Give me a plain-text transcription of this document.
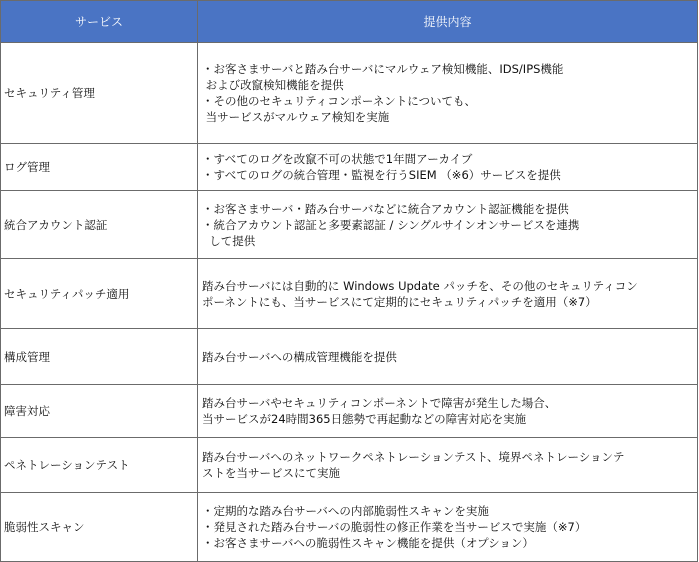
サービス	提供内容
セキュリティ管理	・お客さまサーバと踏み台サーバにマルウェア検知機能、IDS/IPS機能
および改竄検知機能を提供
・その他のセキュリティコンポーネントについても、
当サービスがマルウェア検知を実施

ログ管理	・すべてのログを改竄不可の状態で1年間アーカイブ
・すべてのログの統合管理・監視を行うSIEM （※6）サービスを提供

統合アカウント認証	・お客さまサーバ・踏み台サーバなどに統合アカウント認証機能を提供
・統合アカウント認証と多要素認証 / シングルサインオンサービスを連携
して提供

セキュリティパッチ適用	踏み台サーバには自動的に Windows Update パッチを、その他のセキュリティコン
ポーネントにも、当サービスにて定期的にセキュリティパッチを適用（※7）

構成管理	踏み台サーバへの構成管理機能を提供

障害対応	踏み台サーバやセキュリティコンポーネントで障害が発生した場合、
当サービスが24時間365日態勢で再起動などの障害対応を実施

ペネトレーションテスト	踏み台サーバへのネットワークペネトレーションテスト、境界ペネトレーションテ
ストを当サービスにて実施

脆弱性スキャン	・定期的な踏み台サーバへの内部脆弱性スキャンを実施
・発見された踏み台サーバの脆弱性の修正作業を当サービスで実施（※7）
・お客さまサーバへの脆弱性スキャン機能を提供（オプション）
